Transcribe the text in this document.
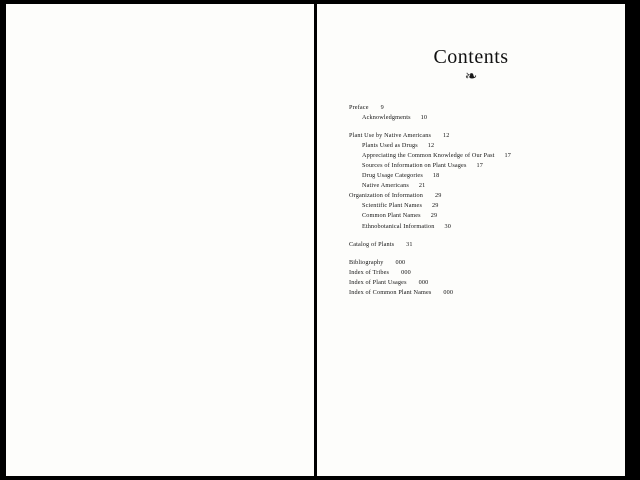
Contents
❧
Preface 9
Acknowledgments 10
Plant Use by Native Americans 12
Plants Used as Drugs 12
Appreciating the Common Knowledge of Our Past 17
Sources of Information on Plant Usages 17
Drug Usage Categories 18
Native Americans 21
Organization of Information 29
Scientific Plant Names 29
Common Plant Names 29
Ethnobotanical Information 30
Catalog of Plants 31
Bibliography 000
Index of Tribes 000
Index of Plant Usages 000
Index of Common Plant Names 000
